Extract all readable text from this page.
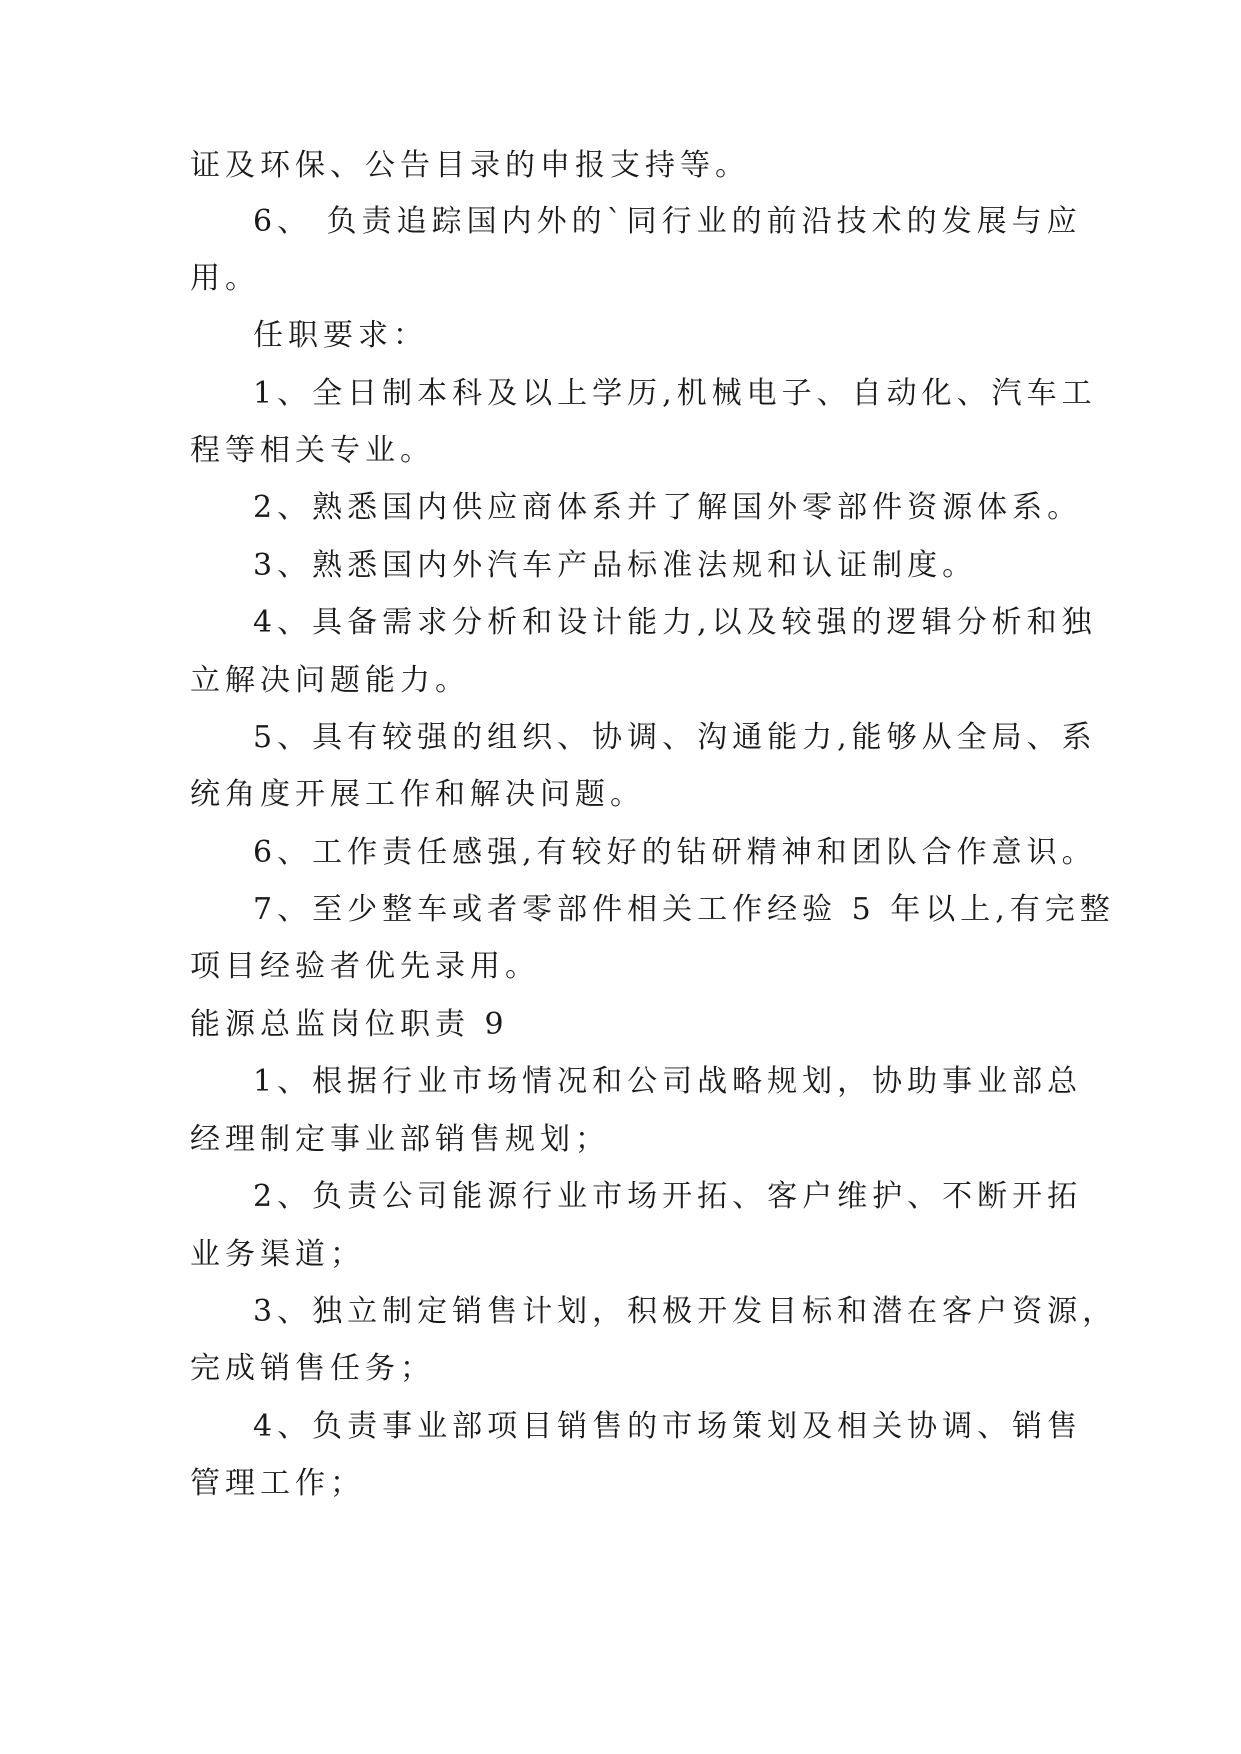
证及环保、公告目录的申报支持等。
6、 负责追踪国内外的`同行业的前沿技术的发展与应
用。
任职要求：
1、全日制本科及以上学历,机械电子、自动化、汽车工
程等相关专业。
2、熟悉国内供应商体系并了解国外零部件资源体系。
3、熟悉国内外汽车产品标准法规和认证制度。
4、具备需求分析和设计能力,以及较强的逻辑分析和独
立解决问题能力。
5、具有较强的组织、协调、沟通能力,能够从全局、系
统角度开展工作和解决问题。
6、工作责任感强,有较好的钻研精神和团队合作意识。
7、至少整车或者零部件相关工作经验 5 年以上,有完整
项目经验者优先录用。
能源总监岗位职责 9
1、根据行业市场情况和公司战略规划，协助事业部总
经理制定事业部销售规划；
2、负责公司能源行业市场开拓、客户维护、不断开拓
业务渠道；
3、独立制定销售计划，积极开发目标和潜在客户资源，
完成销售任务；
4、负责事业部项目销售的市场策划及相关协调、销售
管理工作；
